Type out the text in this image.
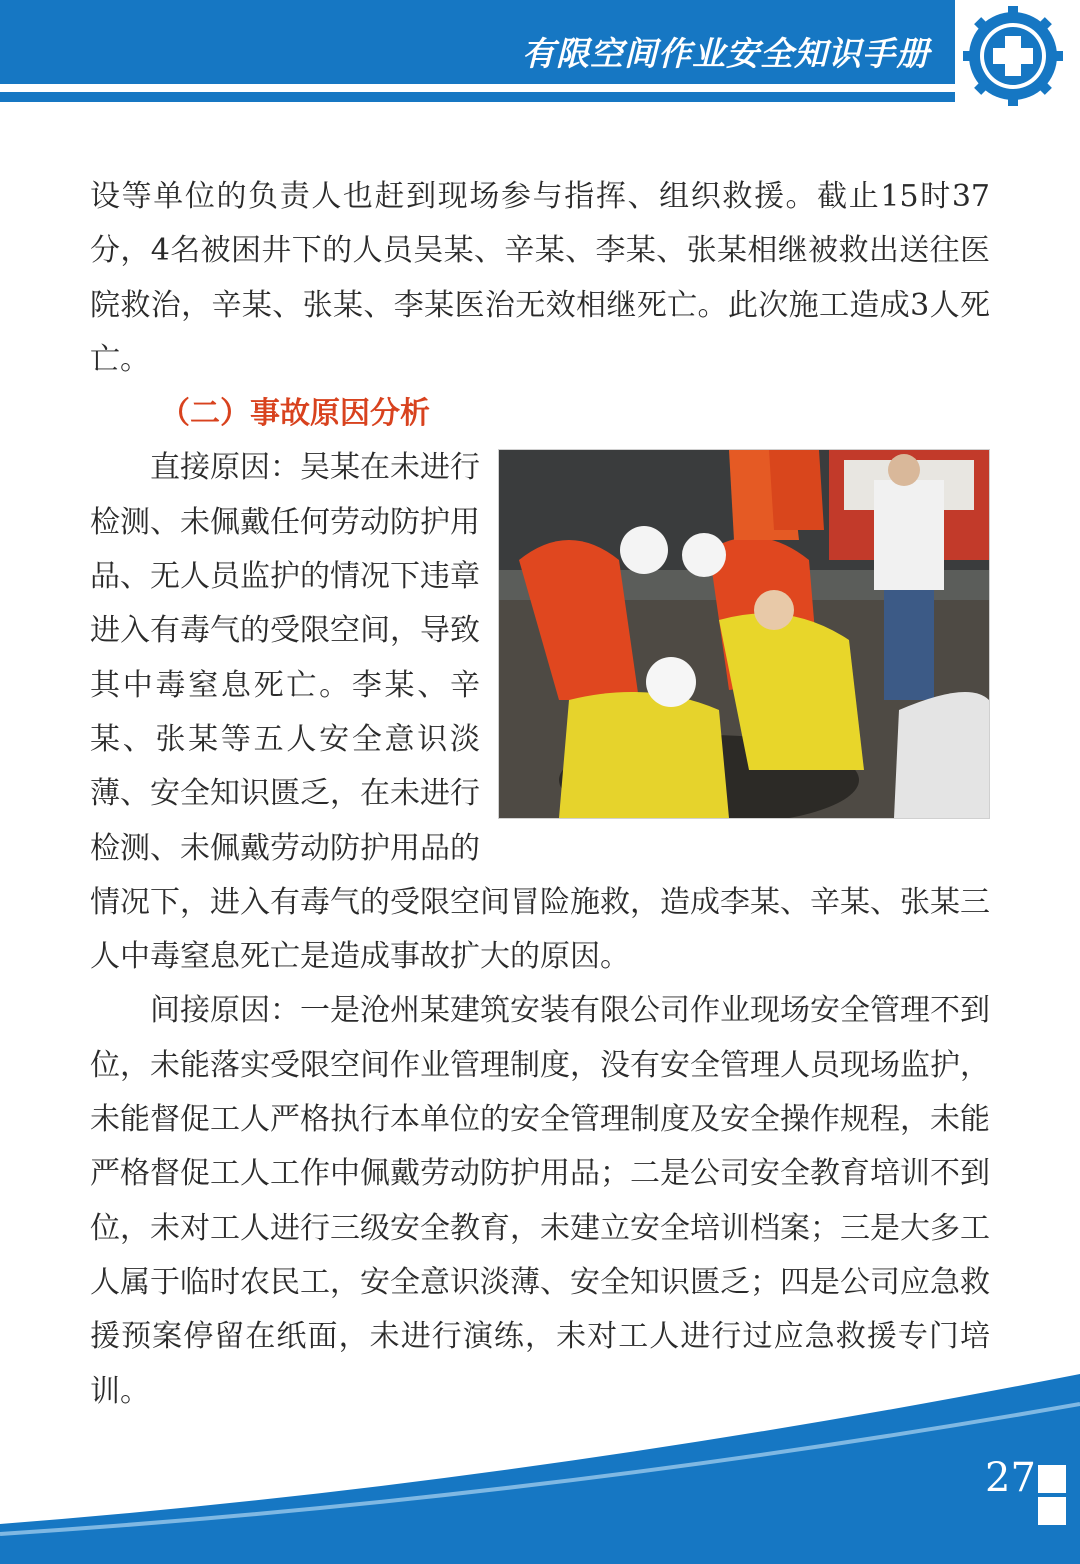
有限空间作业安全知识手册

设等单位的负责人也赶到现场参与指挥、组织救援。截止15时37分，4名被困井下的人员吴某、辛某、李某、张某相继被救出送往医院救治，辛某、张某、李某医治无效相继死亡。此次施工造成3人死亡。

（二）事故原因分析

直接原因：吴某在未进行检测、未佩戴任何劳动防护用品、无人员监护的情况下违章进入有毒气的受限空间，导致其中毒窒息死亡。李某、辛某、张某等五人安全意识淡薄、安全知识匮乏，在未进行检测、未佩戴劳动防护用品的情况下，进入有毒气的受限空间冒险施救，造成李某、辛某、张某三人中毒窒息死亡是造成事故扩大的原因。

间接原因：一是沧州某建筑安装有限公司作业现场安全管理不到位，未能落实受限空间作业管理制度，没有安全管理人员现场监护，未能督促工人严格执行本单位的安全管理制度及安全操作规程，未能严格督促工人工作中佩戴劳动防护用品；二是公司安全教育培训不到位，未对工人进行三级安全教育，未建立安全培训档案；三是大多工人属于临时农民工，安全意识淡薄、安全知识匮乏；四是公司应急救援预案停留在纸面，未进行演练，未对工人进行过应急救援专门培训。

27
